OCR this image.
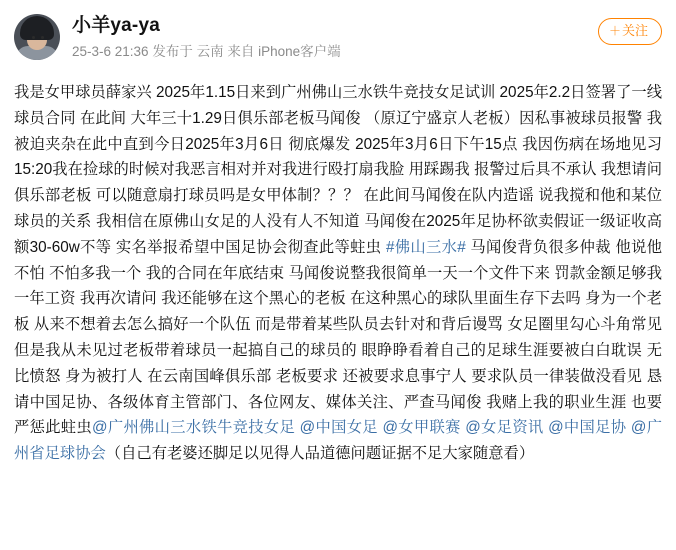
小羊ya-ya
25-3-6 21:36 发布于 云南 来自 iPhone客户端
＋关注
我是女甲球员薛家兴 2025年1.15日来到广州佛山三水铁牛竞技女足试训 2025年2.2日签署了一线球员合同 在此间 大年三十1.29日俱乐部老板马闻俊 （原辽宁盛京人老板）因私事被球员报警 我被迫夹杂在此中直到今日2025年3月6日 彻底爆发 2025年3月6日下午15点 我因伤病在场地见习 15:20我在捡球的时候对我恶言相对并对我进行殴打扇我脸 用踩踢我 报警过后具不承认 我想请问俱乐部老板 可以随意扇打球员吗是女甲体制？？？ 在此间马闻俊在队内造谣 说我搅和他和某位球员的关系 我相信在原佛山女足的人没有人不知道 马闻俊在2025年足协杯欲卖假证一级证收高额30-60w不等 实名举报希望中国足协会彻查此等蛀虫 #佛山三水# 马闻俊背负很多仲裁 他说他不怕 不怕多我一个 我的合同在年底结束 马闻俊说整我很简单一天一个文件下来 罚款金额足够我一年工资 我再次请问 我还能够在这个黑心的老板 在这种黑心的球队里面生存下去吗 身为一个老板 从来不想着去怎么搞好一个队伍 而是带着某些队员去针对和背后谩骂 女足圈里勾心斗角常见 但是我从未见过老板带着球员一起搞自己的球员的 眼睁睁看着自己的足球生涯要被白白耽误 无比愤怒 身为被打人 在云南国峰俱乐部 老板要求 还被要求息事宁人 要求队员一律装做没看见 恳请中国足协、各级体育主管部门、各位网友、媒体关注、严查马闻俊 我赌上我的职业生涯 也要严惩此蛀虫@广州佛山三水铁牛竞技女足 @中国女足 @女甲联赛 @女足资讯 @中国足协 @广州省足球协会（自己有老婆还脚足以见得人品道德问题证据不足大家随意看）
